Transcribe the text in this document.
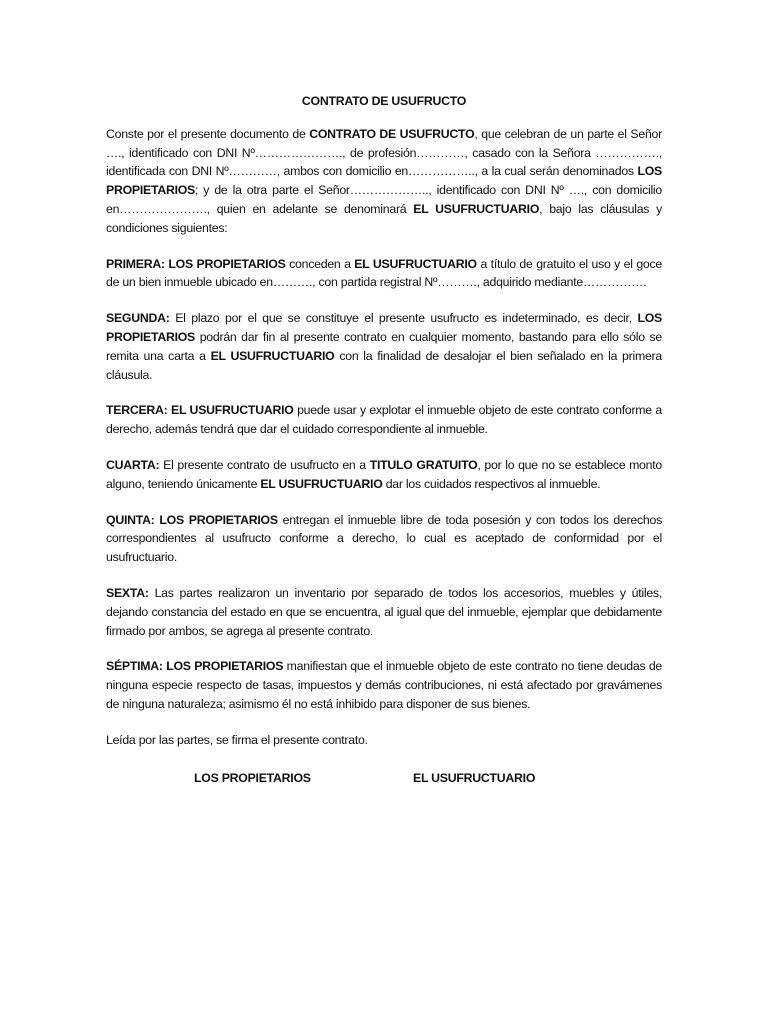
CONTRATO DE USUFRUCTO
Conste por el presente documento de CONTRATO DE USUFRUCTO, que celebran de un parte el Señor …., identificado con DNI Nº…………………., de profesión…………, casado con la Señora ……………., identificada con DNI Nº…………, ambos con domicilio en…………….., a la cual serán denominados LOS PROPIETARIOS; y de la otra parte el Señor……………….., identificado con DNI Nº …., con domicilio en…………………., quien en adelante se denominará EL USUFRUCTUARIO, bajo las cláusulas y condiciones siguientes:
PRIMERA: LOS PROPIETARIOS conceden a EL USUFRUCTUARIO a título de gratuito el uso y el goce de un bien inmueble ubicado en………., con partida registral Nº………., adquirido mediante…………….
SEGUNDA: El plazo por el que se constituye el presente usufructo es indeterminado, es decir, LOS PROPIETARIOS podrán dar fin al presente contrato en cualquier momento, bastando para ello sólo se remita una carta a EL USUFRUCTUARIO con la finalidad de desalojar el bien señalado en la primera cláusula.
TERCERA: EL USUFRUCTUARIO puede usar y explotar el inmueble objeto de este contrato conforme a derecho, además tendrá que dar el cuidado correspondiente al inmueble.
CUARTA: El presente contrato de usufructo en a TITULO GRATUITO, por lo que no se establece monto alguno, teniendo únicamente EL USUFRUCTUARIO dar los cuidados respectivos al inmueble.
QUINTA: LOS PROPIETARIOS entregan el inmueble libre de toda posesión y con todos los derechos correspondientes al usufructo conforme a derecho, lo cual es aceptado de conformidad por el usufructuario.
SEXTA: Las partes realizaron un inventario por separado de todos los accesorios, muebles y útiles, dejando constancia del estado en que se encuentra, al igual que del inmueble, ejemplar que debidamente firmado por ambos, se agrega al presente contrato.
SÉPTIMA: LOS PROPIETARIOS manifiestan que el inmueble objeto de este contrato no tiene deudas de ninguna especie respecto de tasas, impuestos y demás contribuciones, ni está afectado por gravámenes de ninguna naturaleza; asimismo él no está inhibido para disponer de sus bienes.
Leída por las partes, se firma el presente contrato.
LOS PROPIETARIOS	EL USUFRUCTUARIO
